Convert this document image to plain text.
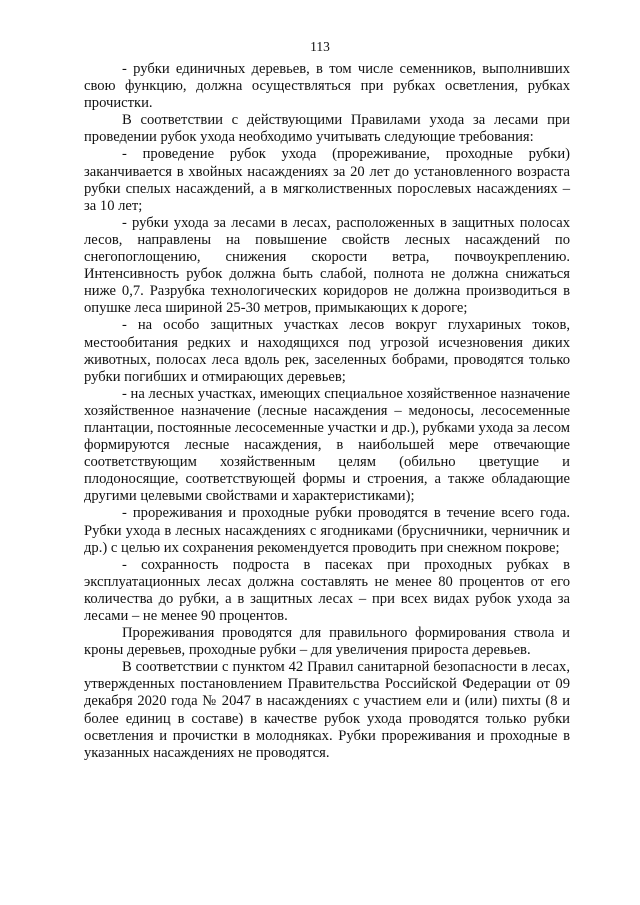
113

- рубки единичных деревьев, в том числе семенников, выполнивших свою функцию, должна осуществляться при рубках осветления, рубках прочистки.

В соответствии с действующими Правилами ухода за лесами при проведении рубок ухода необходимо учитывать следующие требования:

- проведение рубок ухода (прореживание, проходные рубки) заканчивается в хвойных насаждениях за 20 лет до установленного возраста рубки спелых насаждений, а в мягколиственных порослевых насаждениях – за 10 лет;

- рубки ухода за лесами в лесах, расположенных в защитных полосах лесов, направлены на повышение свойств лесных насаждений по снегопоглощению, снижения скорости ветра, почвоукреплению. Интенсивность рубок должна быть слабой, полнота не должна снижаться ниже 0,7. Разрубка технологических коридоров не должна производиться в опушке леса шириной 25-30 метров, примыкающих к дороге;

- на особо защитных участках лесов вокруг глухариных токов, местообитания редких и находящихся под угрозой исчезновения диких животных, полосах леса вдоль рек, заселенных бобрами, проводятся только рубки погибших и отмирающих деревьев;

- на лесных участках, имеющих специальное хозяйственное назначение хозяйственное назначение (лесные насаждения – медоносы, лесосеменные плантации, постоянные лесосеменные участки и др.), рубками ухода за лесом формируются лесные насаждения, в наибольшей мере отвечающие соответствующим хозяйственным целям (обильно цветущие и плодоносящие, соответствующей формы и строения, а также обладающие другими целевыми свойствами и характеристиками);

- прореживания и проходные рубки проводятся в течение всего года. Рубки ухода в лесных насаждениях с ягодниками (брусничники, черничник и др.) с целью их сохранения рекомендуется проводить при снежном покрове;

- сохранность подроста в пасеках при проходных рубках в эксплуатационных лесах должна составлять не менее 80 процентов от его количества до рубки, а в защитных лесах – при всех видах рубок ухода за лесами – не менее 90 процентов.

Прореживания проводятся для правильного формирования ствола и кроны деревьев, проходные рубки – для увеличения прироста деревьев.

В соответствии с пунктом 42 Правил санитарной безопасности в лесах, утвержденных постановлением Правительства Российской Федерации от 09 декабря 2020 года № 2047 в насаждениях с участием ели и (или) пихты (8 и более единиц в составе) в качестве рубок ухода проводятся только рубки осветления и прочистки в молодняках. Рубки прореживания и проходные в указанных насаждениях не проводятся.
